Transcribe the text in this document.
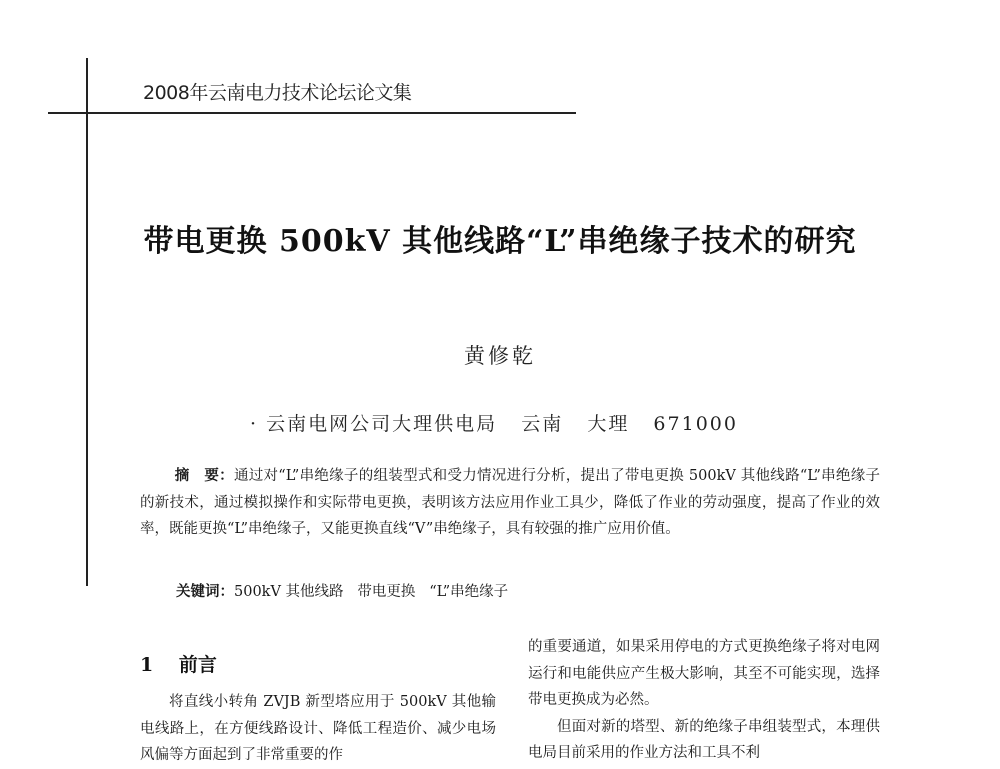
2008年云南电力技术论坛论文集
带电更换 500kV 其他线路“L”串绝缘子技术的研究
黄修乾
· 云南电网公司大理供电局   云南   大理   671000
摘　要：通过对“L”串绝缘子的组装型式和受力情况进行分析，提出了带电更换 500kV 其他线路“L”串绝缘子的新技术，通过模拟操作和实际带电更换，表明该方法应用作业工具少，降低了作业的劳动强度，提高了作业的效率，既能更换“L”串绝缘子，又能更换直线“V”串绝缘子，具有较强的推广应用价值。
关键词：500kV 其他线路   带电更换   “L”串绝缘子
1　 前言
将直线小转角 ZVJB 新型塔应用于 500kV 其他输电线路上，在方便线路设计、降低工程造价、减少电场风偏等方面起到了非常重要的作

的重要通道，如果采用停电的方式更换绝缘子将对电网运行和电能供应产生极大影响，其至不可能实现，选择带电更换成为必然。

但面对新的塔型、新的绝缘子串组装型式，本理供电局目前采用的作业方法和工具不利
